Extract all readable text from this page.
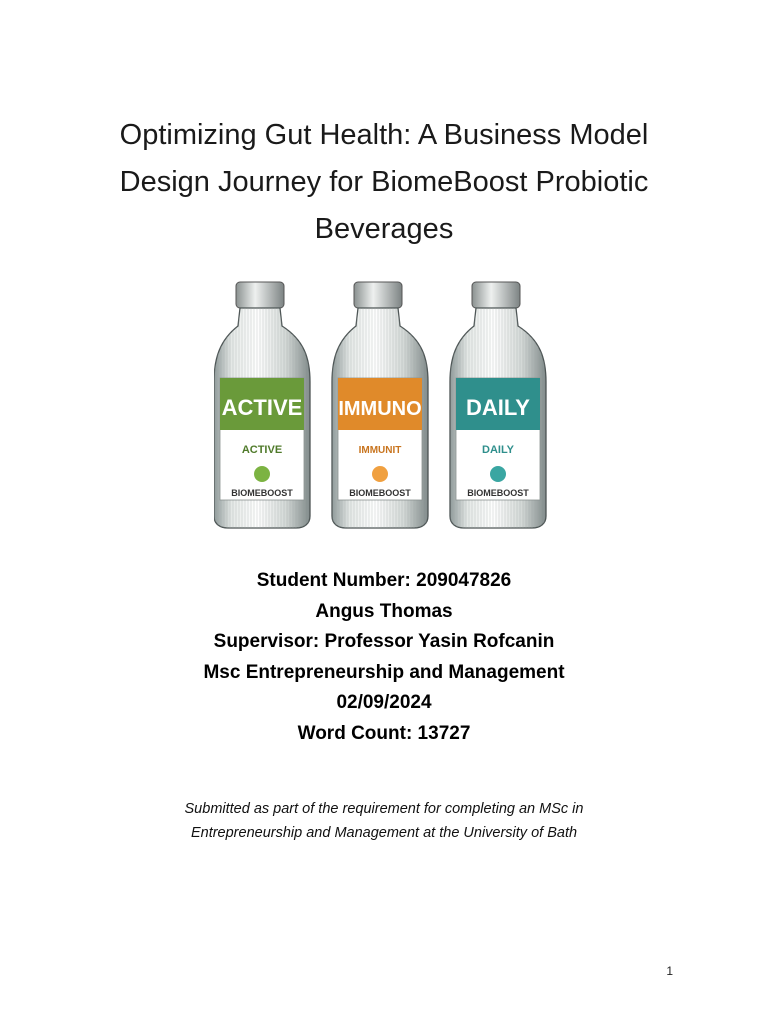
Optimizing Gut Health: A Business Model
Design Journey for BiomeBoost Probiotic
Beverages
ACTIVE
ACTIVE
BIOMEBOOST
IMMUNO
IMMUNIT
BIOMEBOOST
DAILY
DAILY
BIOMEBOOST
Student Number: 209047826
Angus Thomas
Supervisor: Professor Yasin Rofcanin
Msc Entrepreneurship and Management
02/09/2024
Word Count: 13727
Submitted as part of the requirement for completing an MSc in
Entrepreneurship and Management at the University of Bath
1
